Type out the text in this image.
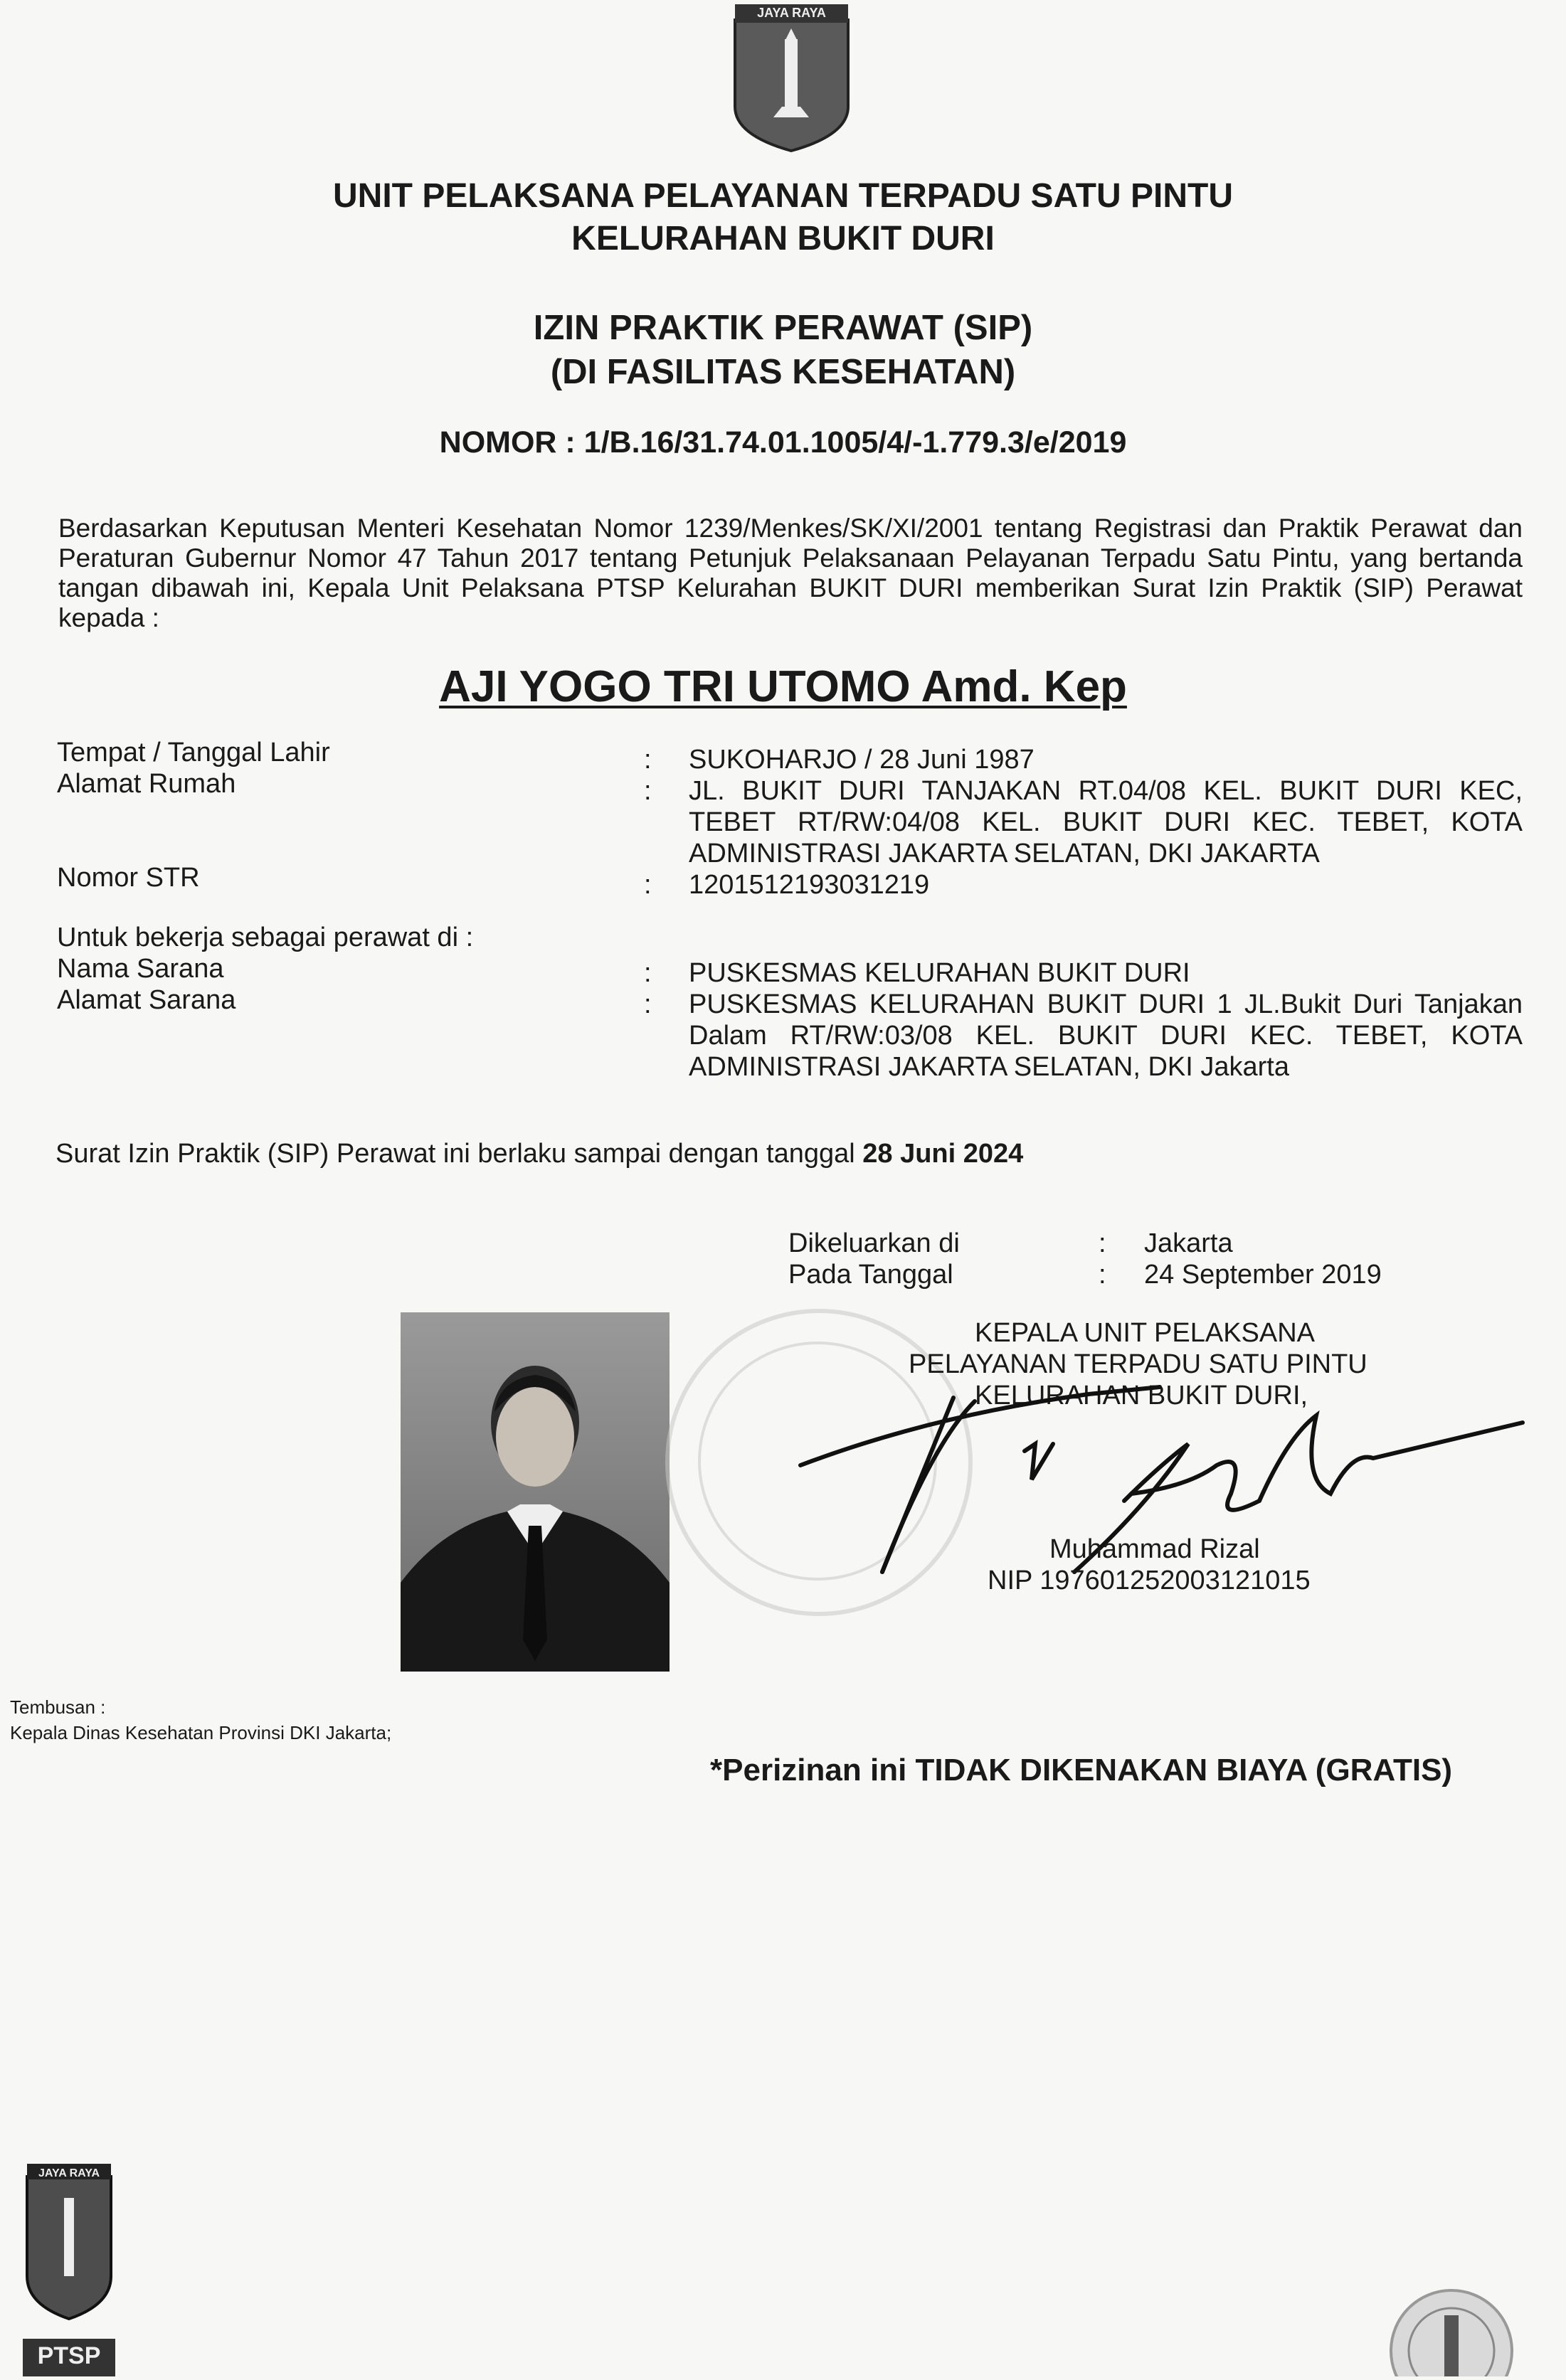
JAYA RAYA
UNIT PELAKSANA PELAYANAN TERPADU SATU PINTU
KELURAHAN BUKIT DURI
IZIN PRAKTIK PERAWAT (SIP)
(DI FASILITAS KESEHATAN)
NOMOR : 1/B.16/31.74.01.1005/4/-1.779.3/e/2019
Berdasarkan Keputusan Menteri Kesehatan Nomor 1239/Menkes/SK/XI/2001 tentang Registrasi dan Praktik Perawat dan Peraturan Gubernur Nomor 47 Tahun 2017 tentang Petunjuk Pelaksanaan Pelayanan Terpadu Satu Pintu, yang bertanda tangan dibawah ini, Kepala Unit Pelaksana PTSP Kelurahan BUKIT DURI memberikan Surat Izin Praktik (SIP) Perawat kepada :
AJI YOGO TRI UTOMO Amd. Kep
Tempat / Tanggal Lahir	: SUKOHARJO / 28 Juni 1987
Alamat Rumah	: JL. BUKIT DURI TANJAKAN RT.04/08 KEL. BUKIT DURI KEC, TEBET RT/RW:04/08 KEL. BUKIT DURI KEC. TEBET, KOTA ADMINISTRASI JAKARTA SELATAN, DKI JAKARTA
Nomor STR	: 1201512193031219
Untuk bekerja sebagai perawat di :
Nama Sarana	: PUSKESMAS KELURAHAN BUKIT DURI
Alamat Sarana	: PUSKESMAS KELURAHAN BUKIT DURI 1 JL.Bukit Duri Tanjakan Dalam RT/RW:03/08 KEL. BUKIT DURI KEC. TEBET, KOTA ADMINISTRASI JAKARTA SELATAN, DKI Jakarta
Surat Izin Praktik (SIP) Perawat ini berlaku sampai dengan tanggal 28 Juni 2024
Dikeluarkan di	: Jakarta
Pada Tanggal	: 24 September 2019
KEPALA UNIT PELAKSANA
PELAYANAN TERPADU SATU PINTU
KELURAHAN BUKIT DURI,
Muhammad Rizal
NIP 197601252003121015
Tembusan :
Kepala Dinas Kesehatan Provinsi DKI Jakarta;
*Perizinan ini TIDAK DIKENAKAN BIAYA (GRATIS)
JAYA RAYA
PTSP
